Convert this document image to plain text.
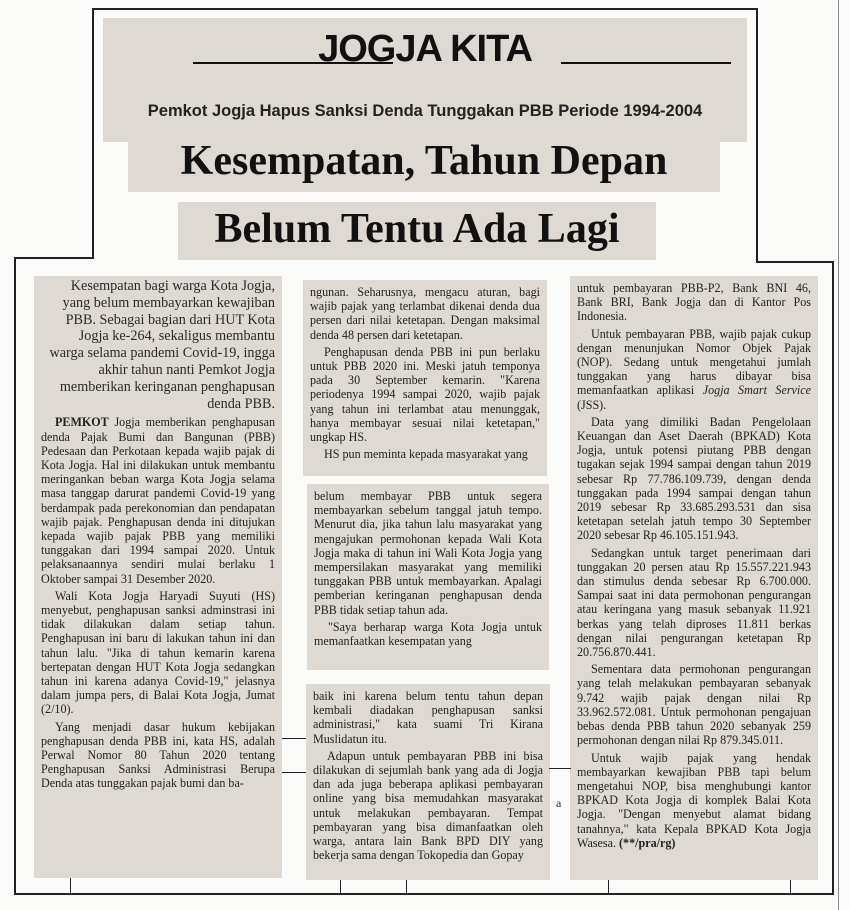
JOGJA KITA
Pemkot Jogja Hapus Sanksi Denda Tunggakan PBB Periode 1994-2004
Kesempatan, Tahun Depan
Belum Tentu Ada Lagi

Kesempatan bagi warga Kota Jogja, yang belum membayarkan kewajiban PBB. Sebagai bagian dari HUT Kota Jogja ke-264, sekaligus membantu warga selama pandemi Covid-19, ingga akhir tahun nanti Pemkot Jogja memberikan keringanan penghapusan denda PBB.

PEMKOT Jogja memberikan penghapusan denda Pajak Bumi dan Bangunan (PBB) Pedesaan dan Perkotaan kepada wajib pajak di Kota Jogja. Hal ini dilakukan untuk membantu meringankan beban warga Kota Jogja selama masa tanggap darurat pandemi Covid-19 yang berdampak pada perekonomian dan pendapatan wajib pajak. Penghapusan denda ini ditujukan kepada wajib pajak PBB yang memiliki tunggakan dari 1994 sampai 2020. Untuk pelaksanaannya sendiri mulai berlaku 1 Oktober sampai 31 Desember 2020.

Wali Kota Jogja Haryadi Suyuti (HS) menyebut, penghapusan sanksi adminstrasi ini tidak dilakukan dalam setiap tahun. Penghapusan ini baru di lakukan tahun ini dan tahun lalu. "Jika di tahun kemarin karena bertepatan dengan HUT Kota Jogja sedangkan tahun ini karena adanya Covid-19," jelasnya dalam jumpa pers, di Balai Kota Jogja, Jumat (2/10).

Yang menjadi dasar hukum kebijakan penghapusan denda PBB ini, kata HS, adalah Perwal Nomor 80 Tahun 2020 tentang Penghapusan Sanksi Administrasi Berupa Denda atas tunggakan pajak bumi dan ba-

ngunan. Seharusnya, mengacu aturan, bagi wajib pajak yang terlambat dikenai denda dua persen dari nilai ketetapan. Dengan maksimal denda 48 persen dari ketetapan.

Penghapusan denda PBB ini pun berlaku untuk PBB 2020 ini. Meski jatuh temponya pada 30 September kemarin. "Karena periodenya 1994 sampai 2020, wajib pajak yang tahun ini terlambat atau menunggak, hanya membayar sesuai nilai ketetapan," ungkap HS.

HS pun meminta kepada masyarakat yang

belum membayar PBB untuk segera membayarkan sebelum tanggal jatuh tempo. Menurut dia, jika tahun lalu masyarakat yang mengajukan permohonan kepada Wali Kota Jogja maka di tahun ini Wali Kota Jogja yang mempersilakan masyarakat yang memiliki tunggakan PBB untuk membayarkan. Apalagi pemberian keringanan penghapusan denda PBB tidak setiap tahun ada.

"Saya berharap warga Kota Jogja untuk memanfaatkan kesempatan yang

baik ini karena belum tentu tahun depan kembali diadakan penghapusan sanksi administrasi," kata suami Tri Kirana Muslidatun itu.

Adapun untuk pembayaran PBB ini bisa dilakukan di sejumlah bank yang ada di Jogja dan ada juga beberapa aplikasi pembayaran online yang bisa memudahkan masyarakat untuk melakukan pembayaran. Tempat pembayaran yang bisa dimanfaatkan oleh warga, antara lain Bank BPD DIY yang bekerja sama dengan Tokopedia dan Gopay

a

untuk pembayaran PBB-P2, Bank BNI 46, Bank BRI, Bank Jogja dan di Kantor Pos Indonesia.

Untuk pembayaran PBB, wajib pajak cukup dengan menunjukan Nomor Objek Pajak (NOP). Sedang untuk mengetahui jumlah tunggakan yang harus dibayar bisa memanfaatkan aplikasi Jogja Smart Service (JSS).

Data yang dimiliki Badan Pengelolaan Keuangan dan Aset Daerah (BPKAD) Kota Jogja, untuk potensi piutang PBB dengan tugakan sejak 1994 sampai dengan tahun 2019 sebesar Rp 77.786.109.739, dengan denda tunggakan pada 1994 sampai dengan tahun 2019 sebesar Rp 33.685.293.531 dan sisa ketetapan setelah jatuh tempo 30 September 2020 sebesar Rp 46.105.151.943.

Sedangkan untuk target penerimaan dari tunggakan 20 persen atau Rp 15.557.221.943 dan stimulus denda sebesar Rp 6.700.000. Sampai saat ini data permohonan pengurangan atau keringana yang masuk sebanyak 11.921 berkas yang telah diproses 11.811 berkas dengan nilai pengurangan ketetapan Rp 20.756.870.441.

Sementara data permohonan pengurangan yang telah melakukan pembayaran sebanyak 9.742 wajib pajak dengan nilai Rp 33.962.572.081. Untuk permohonan pengajuan bebas denda PBB tahun 2020 sebanyak 259 permohonan dengan nilai Rp 879.345.011.

Untuk wajib pajak yang hendak membayarkan kewajiban PBB tapi belum mengetahui NOP, bisa menghubungi kantor BPKAD Kota Jogja di komplek Balai Kota Jogja. "Dengan menyebut alamat bidang tanahnya," kata Kepala BPKAD Kota Jogja Wasesa. (**/pra/rg)
